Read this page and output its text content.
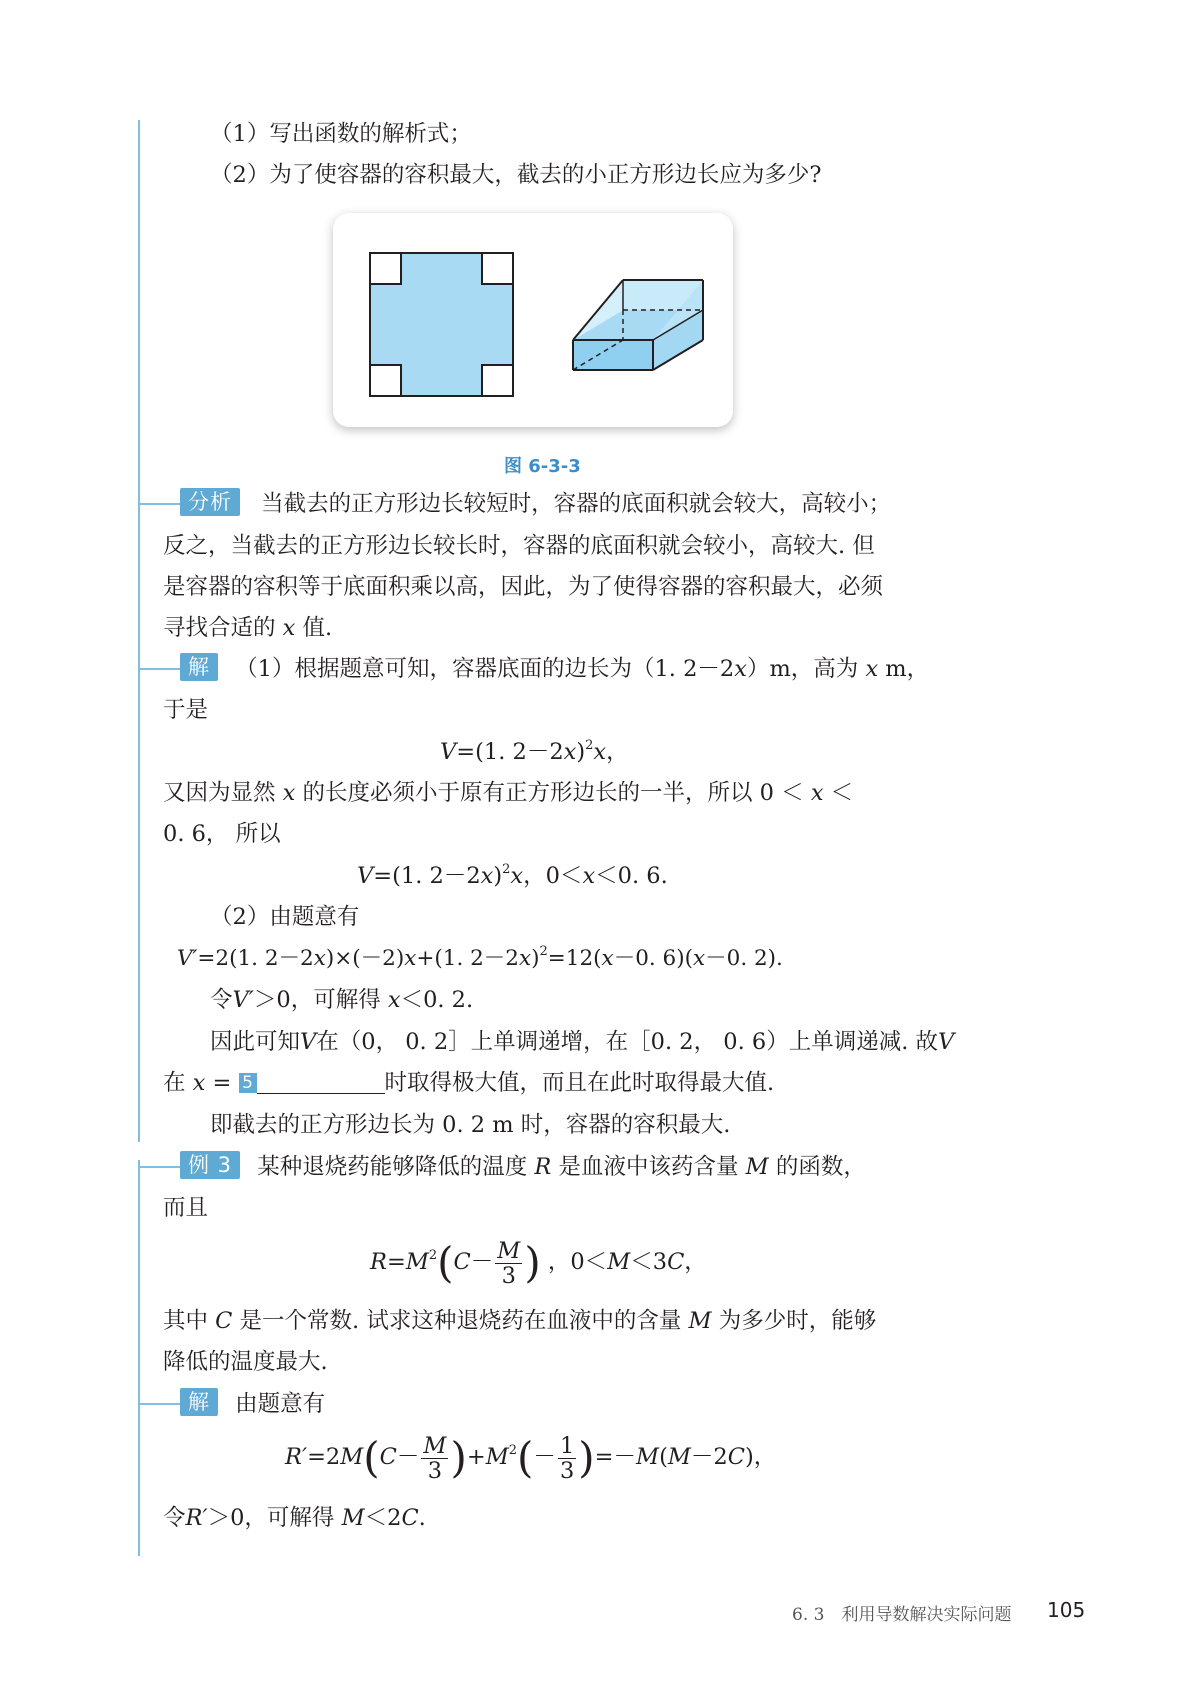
（1）写出函数的解析式；
（2）为了使容器的容积最大，截去的小正方形边长应为多少?
图 6-3-3
分析 当截去的正方形边长较短时，容器的底面积就会较大，高较小；
反之，当截去的正方形边长较长时，容器的底面积就会较小，高较大. 但
是容器的容积等于底面积乘以高，因此，为了使得容器的容积最大，必须
寻找合适的 x 值.
解 （1）根据题意可知，容器底面的边长为（1. 2－2x）m，高为 x m，
于是
V=(1. 2－2x)$^2$x，
又因为显然 x 的长度必须小于原有正方形边长的一半，所以 0 ＜ x ＜
0. 6， 所以
V=(1. 2－2x)$^2$x，0＜x＜0. 6.
（2）由题意有
V′=2(1. 2－2x)×(－2)x+(1. 2－2x)$^2$=12(x－0. 6)(x－0. 2).
令V′＞0，可解得 x＜0. 2.
因此可知V在（0， 0. 2］上单调递增，在［0. 2， 0. 6）上单调递减. 故V
在 x = 5	时取得极大值，而且在此时取得最大值.
即截去的正方形边长为 0. 2 m 时，容器的容积最大.
例 3 某种退烧药能够降低的温度 R 是血液中该药含量 M 的函数，
而且
$R=M^2(C- \frac{M}{3}$ ) ，0＜M＜3C，
其中 C 是一个常数. 试求这种退烧药在血液中的含量 M 为多少时，能够
降低的温度最大.
解 由题意有
$R'=2M(C- \frac{M}{3} )+M^2(- \frac{1}{3} )=-M(M-2C)$，
令R′＞0，可解得 M＜2C.
6. 3　利用导数解决实际问题 105
